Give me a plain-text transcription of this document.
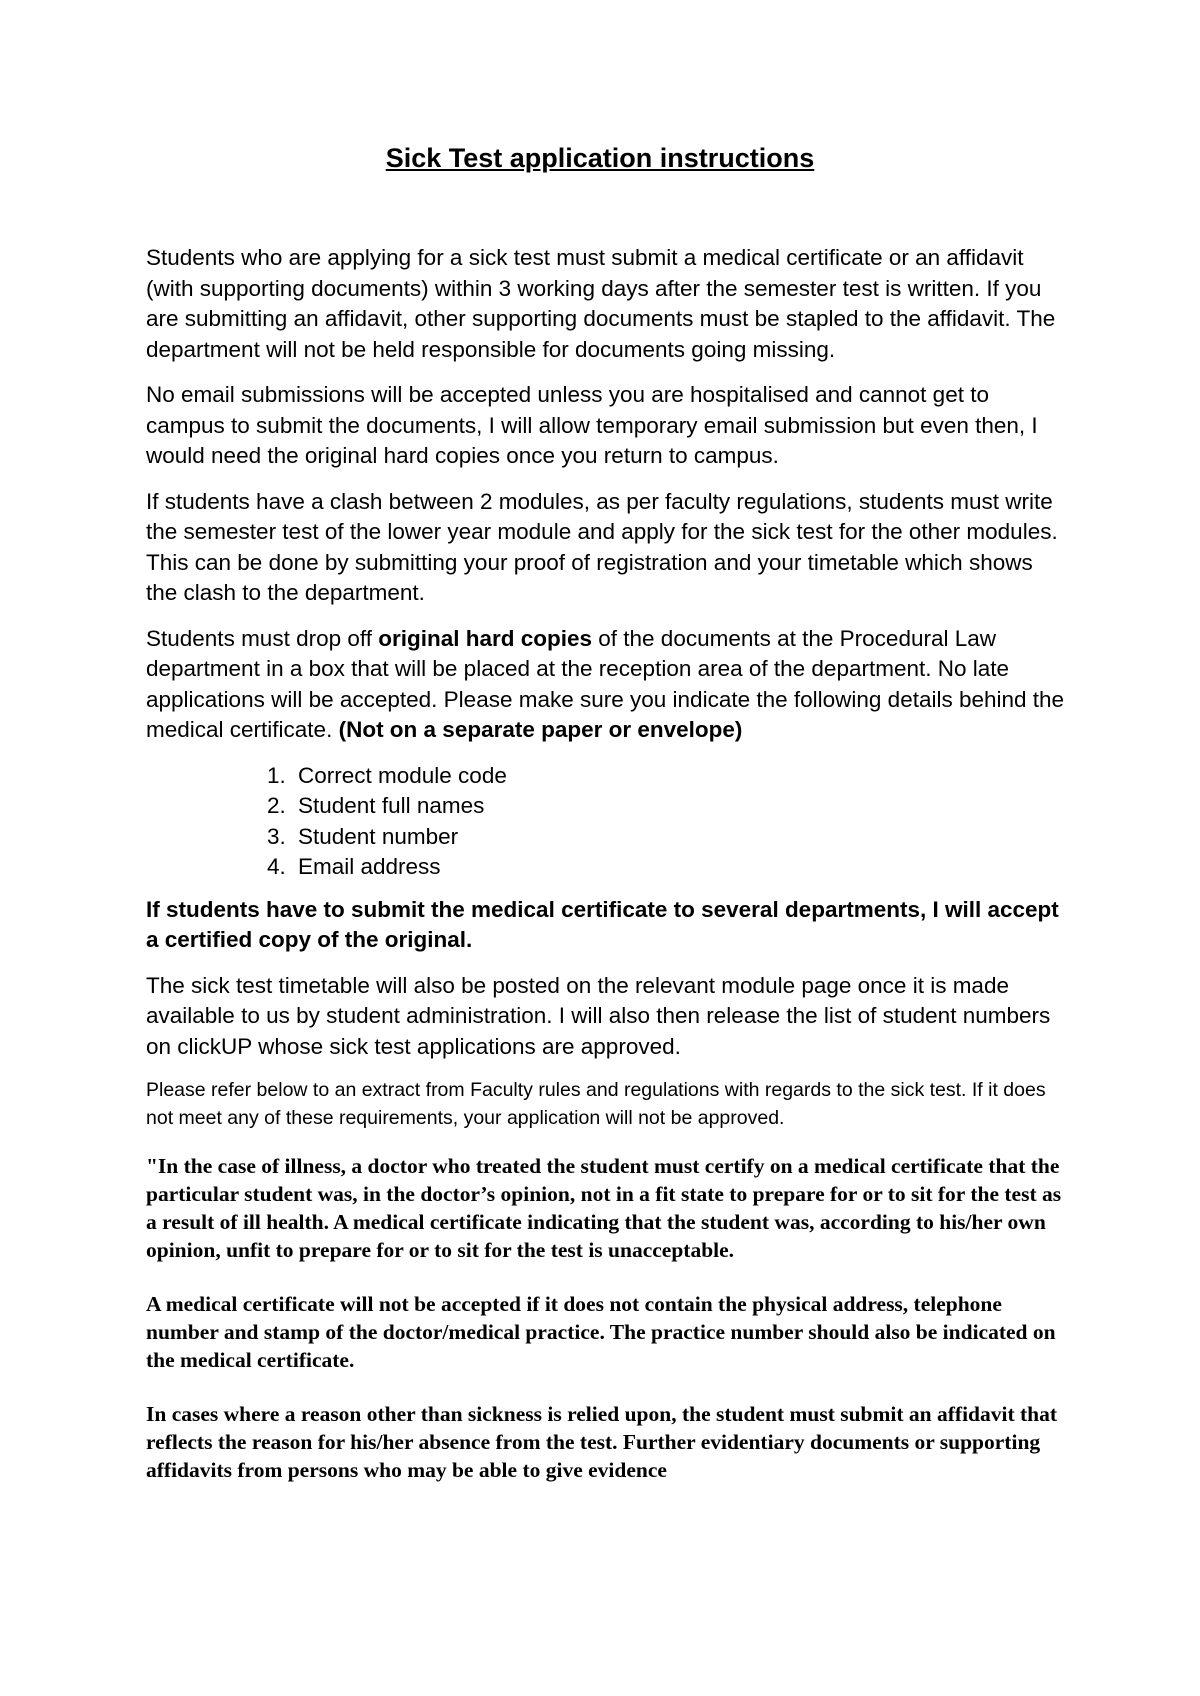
Sick Test application instructions

Students who are applying for a sick test must submit a medical certificate or an affidavit (with supporting documents) within 3 working days after the semester test is written. If you are submitting an affidavit, other supporting documents must be stapled to the affidavit. The department will not be held responsible for documents going missing.

No email submissions will be accepted unless you are hospitalised and cannot get to campus to submit the documents, I will allow temporary email submission but even then, I would need the original hard copies once you return to campus.

If students have a clash between 2 modules, as per faculty regulations, students must write the semester test of the lower year module and apply for the sick test for the other modules. This can be done by submitting your proof of registration and your timetable which shows the clash to the department.

Students must drop off original hard copies of the documents at the Procedural Law department in a box that will be placed at the reception area of the department. No late applications will be accepted. Please make sure you indicate the following details behind the medical certificate. (Not on a separate paper or envelope)

1. Correct module code
2. Student full names
3. Student number
4. Email address

If students have to submit the medical certificate to several departments, I will accept a certified copy of the original.

The sick test timetable will also be posted on the relevant module page once it is made available to us by student administration. I will also then release the list of student numbers on clickUP whose sick test applications are approved.

Please refer below to an extract from Faculty rules and regulations with regards to the sick test. If it does not meet any of these requirements, your application will not be approved.

"In the case of illness, a doctor who treated the student must certify on a medical certificate that the particular student was, in the doctor’s opinion, not in a fit state to prepare for or to sit for the test as a result of ill health. A medical certificate indicating that the student was, according to his/her own opinion, unfit to prepare for or to sit for the test is unacceptable.

A medical certificate will not be accepted if it does not contain the physical address, telephone number and stamp of the doctor/medical practice. The practice number should also be indicated on the medical certificate.

In cases where a reason other than sickness is relied upon, the student must submit an affidavit that reflects the reason for his/her absence from the test. Further evidentiary documents or supporting affidavits from persons who may be able to give evidence
